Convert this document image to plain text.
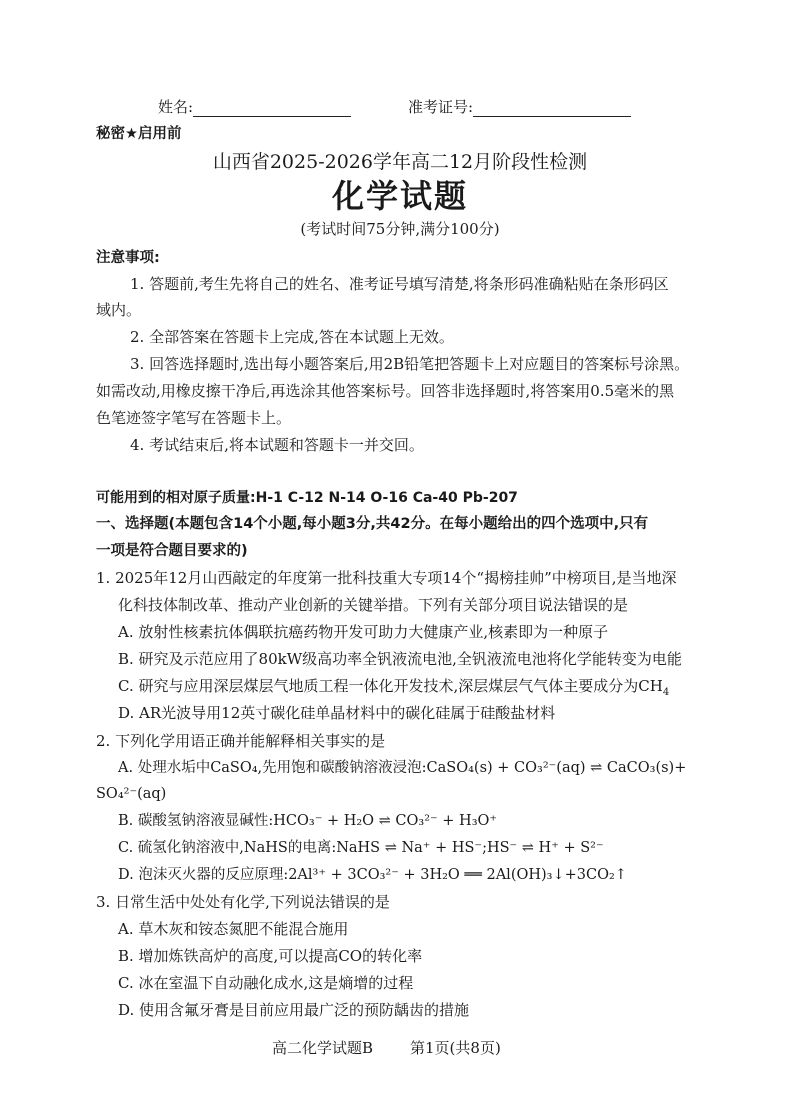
姓名:	准考证号:
秘密★启用前
山西省2025-2026学年高二12月阶段性检测
化学试题
(考试时间75分钟,满分100分)
注意事项:
1. 答题前,考生先将自己的姓名、准考证号填写清楚,将条形码准确粘贴在条形码区
域内。
2. 全部答案在答题卡上完成,答在本试题上无效。
3. 回答选择题时,选出每小题答案后,用2B铅笔把答题卡上对应题目的答案标号涂黑。
如需改动,用橡皮擦干净后,再选涂其他答案标号。回答非选择题时,将答案用0.5毫米的黑
色笔迹签字笔写在答题卡上。
4. 考试结束后,将本试题和答题卡一并交回。
可能用到的相对原子质量:H-1 C-12 N-14 O-16 Ca-40 Pb-207
一、选择题(本题包含14个小题,每小题3分,共42分。在每小题给出的四个选项中,只有
一项是符合题目要求的)
1. 2025年12月山西敲定的年度第一批科技重大专项14个“揭榜挂帅”中榜项目,是当地深
化科技体制改革、推动产业创新的关键举措。下列有关部分项目说法错误的是
A. 放射性核素抗体偶联抗癌药物开发可助力大健康产业,核素即为一种原子
B. 研究及示范应用了80kW级高功率全钒液流电池,全钒液流电池将化学能转变为电能
C. 研究与应用深层煤层气地质工程一体化开发技术,深层煤层气气体主要成分为$CH_4$
D. AR光波导用12英寸碳化硅单晶材料中的碳化硅属于硅酸盐材料
2. 下列化学用语正确并能解释相关事实的是
A. 处理水垢中CaSO₄,先用饱和碳酸钠溶液浸泡:CaSO₄(s) + CO₃²⁻(aq) ⇌ CaCO₃(s)+
SO₄²⁻(aq)
B. 碳酸氢钠溶液显碱性:HCO₃⁻ + H₂O ⇌ CO₃²⁻ + H₃O⁺
C. 硫氢化钠溶液中,NaHS的电离:NaHS ⇌ Na⁺ + HS⁻;HS⁻ ⇌ H⁺ + S²⁻
D. 泡沫灭火器的反应原理:2Al³⁺ + 3CO₃²⁻ + 3H₂O ══ 2Al(OH)₃↓+3CO₂↑
3. 日常生活中处处有化学,下列说法错误的是
A. 草木灰和铵态氮肥不能混合施用
B. 增加炼铁高炉的高度,可以提高CO的转化率
C. 冰在室温下自动融化成水,这是熵增的过程
D. 使用含氟牙膏是目前应用最广泛的预防龋齿的措施
高二化学试题B 第1页(共8页)
